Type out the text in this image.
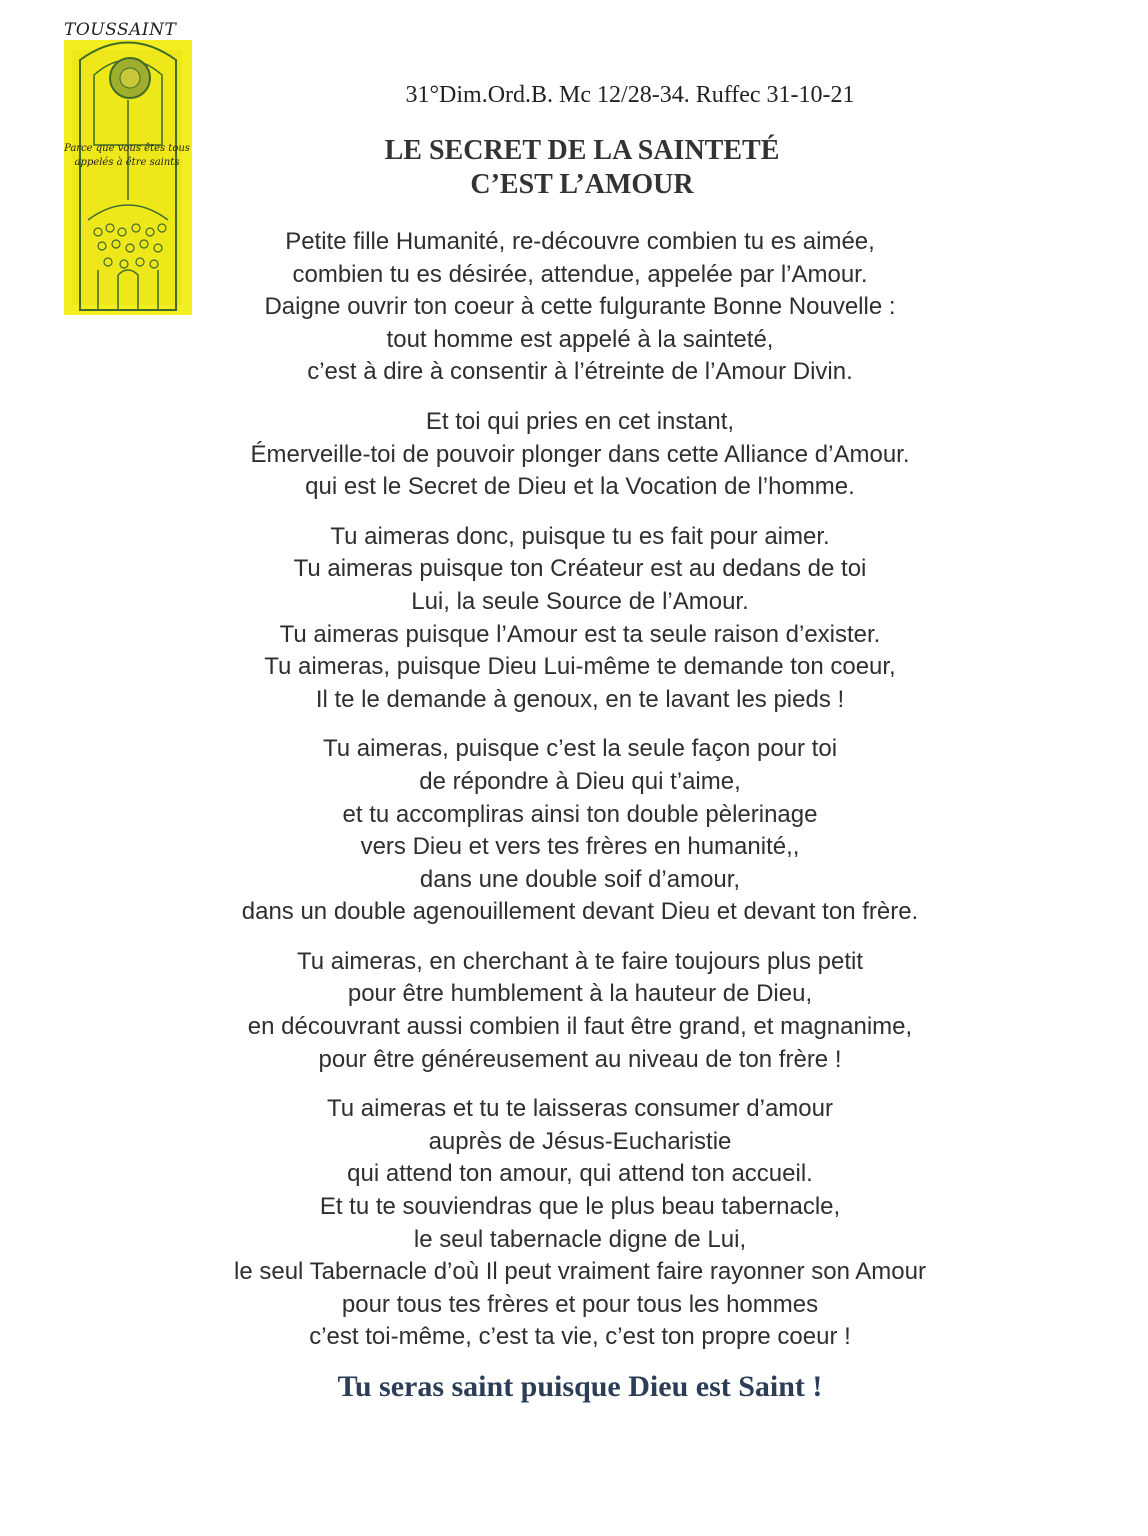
TOUSSAINT
Parce que vous êtes tous
appelés à être saints
31°Dim.Ord.B. Mc 12/28-34. Ruffec 31-10-21
LE SECRET DE LA SAINTETÉ
C’EST L’AMOUR
Petite fille Humanité, re-découvre combien tu es aimée,
combien tu es désirée, attendue, appelée par l’Amour.
Daigne ouvrir ton coeur à cette fulgurante Bonne Nouvelle :
tout homme est appelé à la sainteté,
c’est à dire à consentir à l’étreinte de l’Amour Divin.
Et toi qui pries en cet instant,
Émerveille-toi de pouvoir plonger dans cette Alliance d’Amour.
qui est le Secret de Dieu et la Vocation de l’homme.
Tu aimeras donc, puisque tu es fait pour aimer.
Tu aimeras puisque ton Créateur est au dedans de toi
Lui, la seule Source de l’Amour.
Tu aimeras puisque l’Amour est ta seule raison d’exister.
Tu aimeras, puisque Dieu Lui-même te demande ton coeur,
Il te le demande à genoux, en te lavant les pieds !
Tu aimeras, puisque c’est la seule façon pour toi
de répondre à Dieu qui t’aime,
et tu accompliras ainsi ton double pèlerinage
vers Dieu et vers tes frères en humanité,,
dans une double soif d’amour,
dans un double agenouillement devant Dieu et devant ton frère.
Tu aimeras, en cherchant à te faire toujours plus petit
pour être humblement à la hauteur de Dieu,
en découvrant aussi combien il faut être grand, et magnanime,
pour être généreusement au niveau de ton frère !
Tu aimeras et tu te laisseras consumer d’amour
auprès de Jésus-Eucharistie
qui attend ton amour, qui attend ton accueil.
Et tu te souviendras que le plus beau tabernacle,
le seul tabernacle digne de Lui,
le seul Tabernacle d’où Il peut vraiment faire rayonner son Amour
pour tous tes frères et pour tous les hommes
c’est toi-même, c’est ta vie, c’est ton propre coeur !
Tu seras saint puisque Dieu est Saint !
